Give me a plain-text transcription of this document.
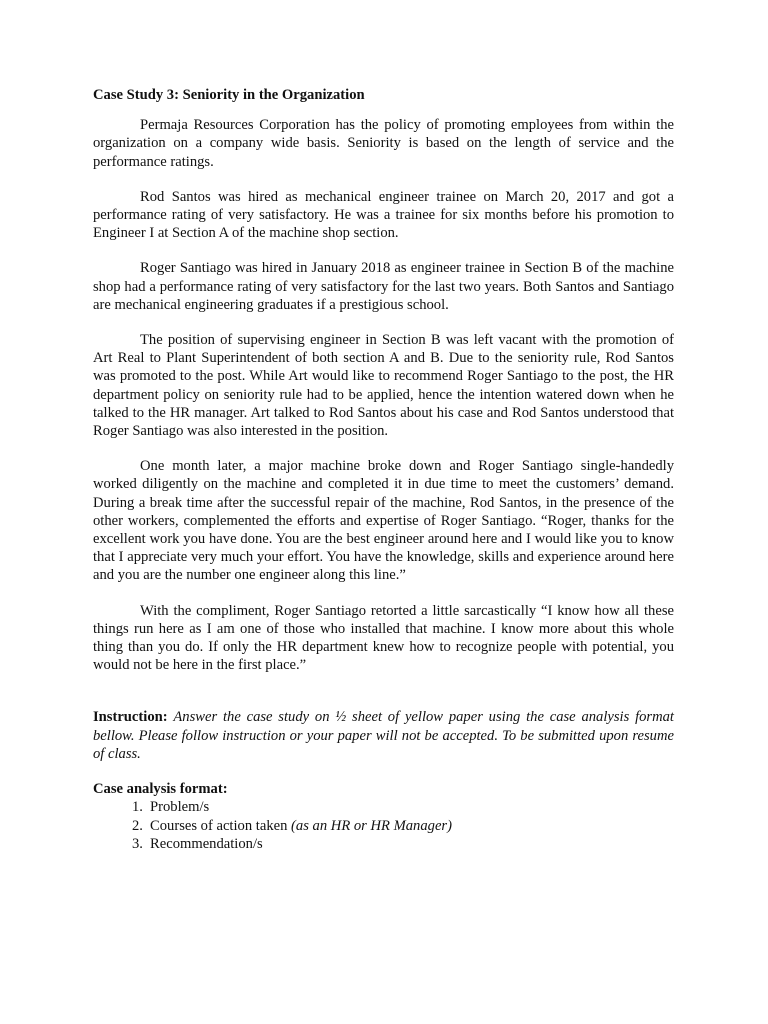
Case Study 3: Seniority in the Organization

Permaja Resources Corporation has the policy of promoting employees from within the organization on a company wide basis. Seniority is based on the length of service and the performance ratings.

Rod Santos was hired as mechanical engineer trainee on March 20, 2017 and got a performance rating of very satisfactory. He was a trainee for six months before his promotion to Engineer I at Section A of the machine shop section.

Roger Santiago was hired in January 2018 as engineer trainee in Section B of the machine shop had a performance rating of very satisfactory for the last two years. Both Santos and Santiago are mechanical engineering graduates if a prestigious school.

The position of supervising engineer in Section B was left vacant with the promotion of Art Real to Plant Superintendent of both section A and B. Due to the seniority rule, Rod Santos was promoted to the post. While Art would like to recommend Roger Santiago to the post, the HR department policy on seniority rule had to be applied, hence the intention watered down when he talked to the HR manager. Art talked to Rod Santos about his case and Rod Santos understood that Roger Santiago was also interested in the position.

One month later, a major machine broke down and Roger Santiago single-handedly worked diligently on the machine and completed it in due time to meet the customers’ demand. During a break time after the successful repair of the machine, Rod Santos, in the presence of the other workers, complemented the efforts and expertise of Roger Santiago. “Roger, thanks for the excellent work you have done. You are the best engineer around here and I would like you to know that I appreciate very much your effort. You have the knowledge, skills and experience around here and you are the number one engineer along this line.”

With the compliment, Roger Santiago retorted a little sarcastically “I know how all these things run here as I am one of those who installed that machine. I know more about this whole thing than you do. If only the HR department knew how to recognize people with potential, you would not be here in the first place.”

Instruction: Answer the case study on ½ sheet of yellow paper using the case analysis format bellow. Please follow instruction or your paper will not be accepted. To be submitted upon resume of class.

Case analysis format:

1. Problem/s
2. Courses of action taken (as an HR or HR Manager)
3. Recommendation/s
